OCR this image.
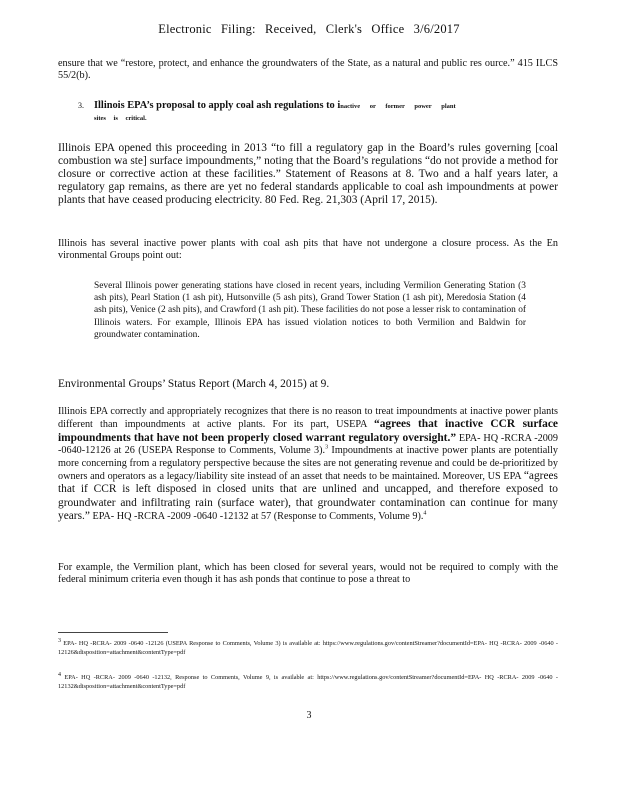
Electronic Filing: Received, Clerk's Office 3/6/2017
ensure that we “restore, protect, and enhance the groundwaters of the State, as a natural and public res ource.” 415 ILCS 55/2(b).
3. Illinois EPA’s proposal to apply coal ash regulations to inactive or former power plant
sites is critical.
Illinois EPA opened this proceeding in 2013 “to fill a regulatory gap in the Board’s rules governing [coal combustion wa ste] surface impoundments,” noting that the Board’s regulations “do not provide a method for closure or corrective action at these facilities.” Statement of Reasons at 8. Two and a half years later, a regulatory gap remains, as there are yet no federal standards applicable to coal ash impoundments at power plants that have ceased producing electricity. 80 Fed. Reg. 21,303 (April 17, 2015).
Illinois has several inactive power plants with coal ash pits that have not undergone a closure process. As the En vironmental Groups point out:
Several Illinois power generating stations have closed in recent years, including Vermilion Generating Station (3 ash pits), Pearl Station (1 ash pit), Hutsonville (5 ash pits), Grand Tower Station (1 ash pit), Meredosia Station (4 ash pits), Venice (2 ash pits), and Crawford (1 ash pit). These facilities do not pose a lesser risk to contamination of Illinois waters. For example, Illinois EPA has issued violation notices to both Vermilion and Baldwin for groundwater contamination.
Environmental Groups’ Status Report (March 4, 2015) at 9.
Illinois EPA correctly and appropriately recognizes that there is no reason to treat impoundments at inactive power plants different than impoundments at active plants. For its part, USEPA “agrees that inactive CCR surface impoundments that have not been properly closed warrant regulatory oversight.” EPA- HQ -RCRA -2009 -0640-12126 at 26 (USEPA Response to Comments, Volume 3).$^3$ Impoundments at inactive power plants are potentially more concerning from a regulatory perspective because the sites are not generating revenue and could be de-prioritized by owners and operators as a legacy/liability site instead of an asset that needs to be maintained. Moreover, US EPA “agrees that if CCR is left disposed in closed units that are unlined and uncapped, and therefore exposed to groundwater and infiltrating rain (surface water), that groundwater contamination can continue for many years.” EPA- HQ -RCRA -2009 -0640 -12132 at 57 (Response to Comments, Volume 9).$^4$
For example, the Vermilion plant, which has been closed for several years, would not be required to comply with the federal minimum criteria even though it has ash ponds that continue to pose a threat to
$^3$ EPA- HQ -RCRA- 2009 -0640 -12126 (USEPA Response to Comments, Volume 3) is available at: https://www.regulations.gov/contentStreamer?documentId=EPA- HQ -RCRA- 2009 -0640 - 12126&disposition=attachment&contentType=pdf
$^4$ EPA- HQ -RCRA- 2009 -0640 -12132, Response to Comments, Volume 9, is available at: https://www.regulations.gov/contentStreamer?documentId=EPA- HQ -RCRA- 2009 -0640 - 12132&disposition=attachment&contentType=pdf
3
